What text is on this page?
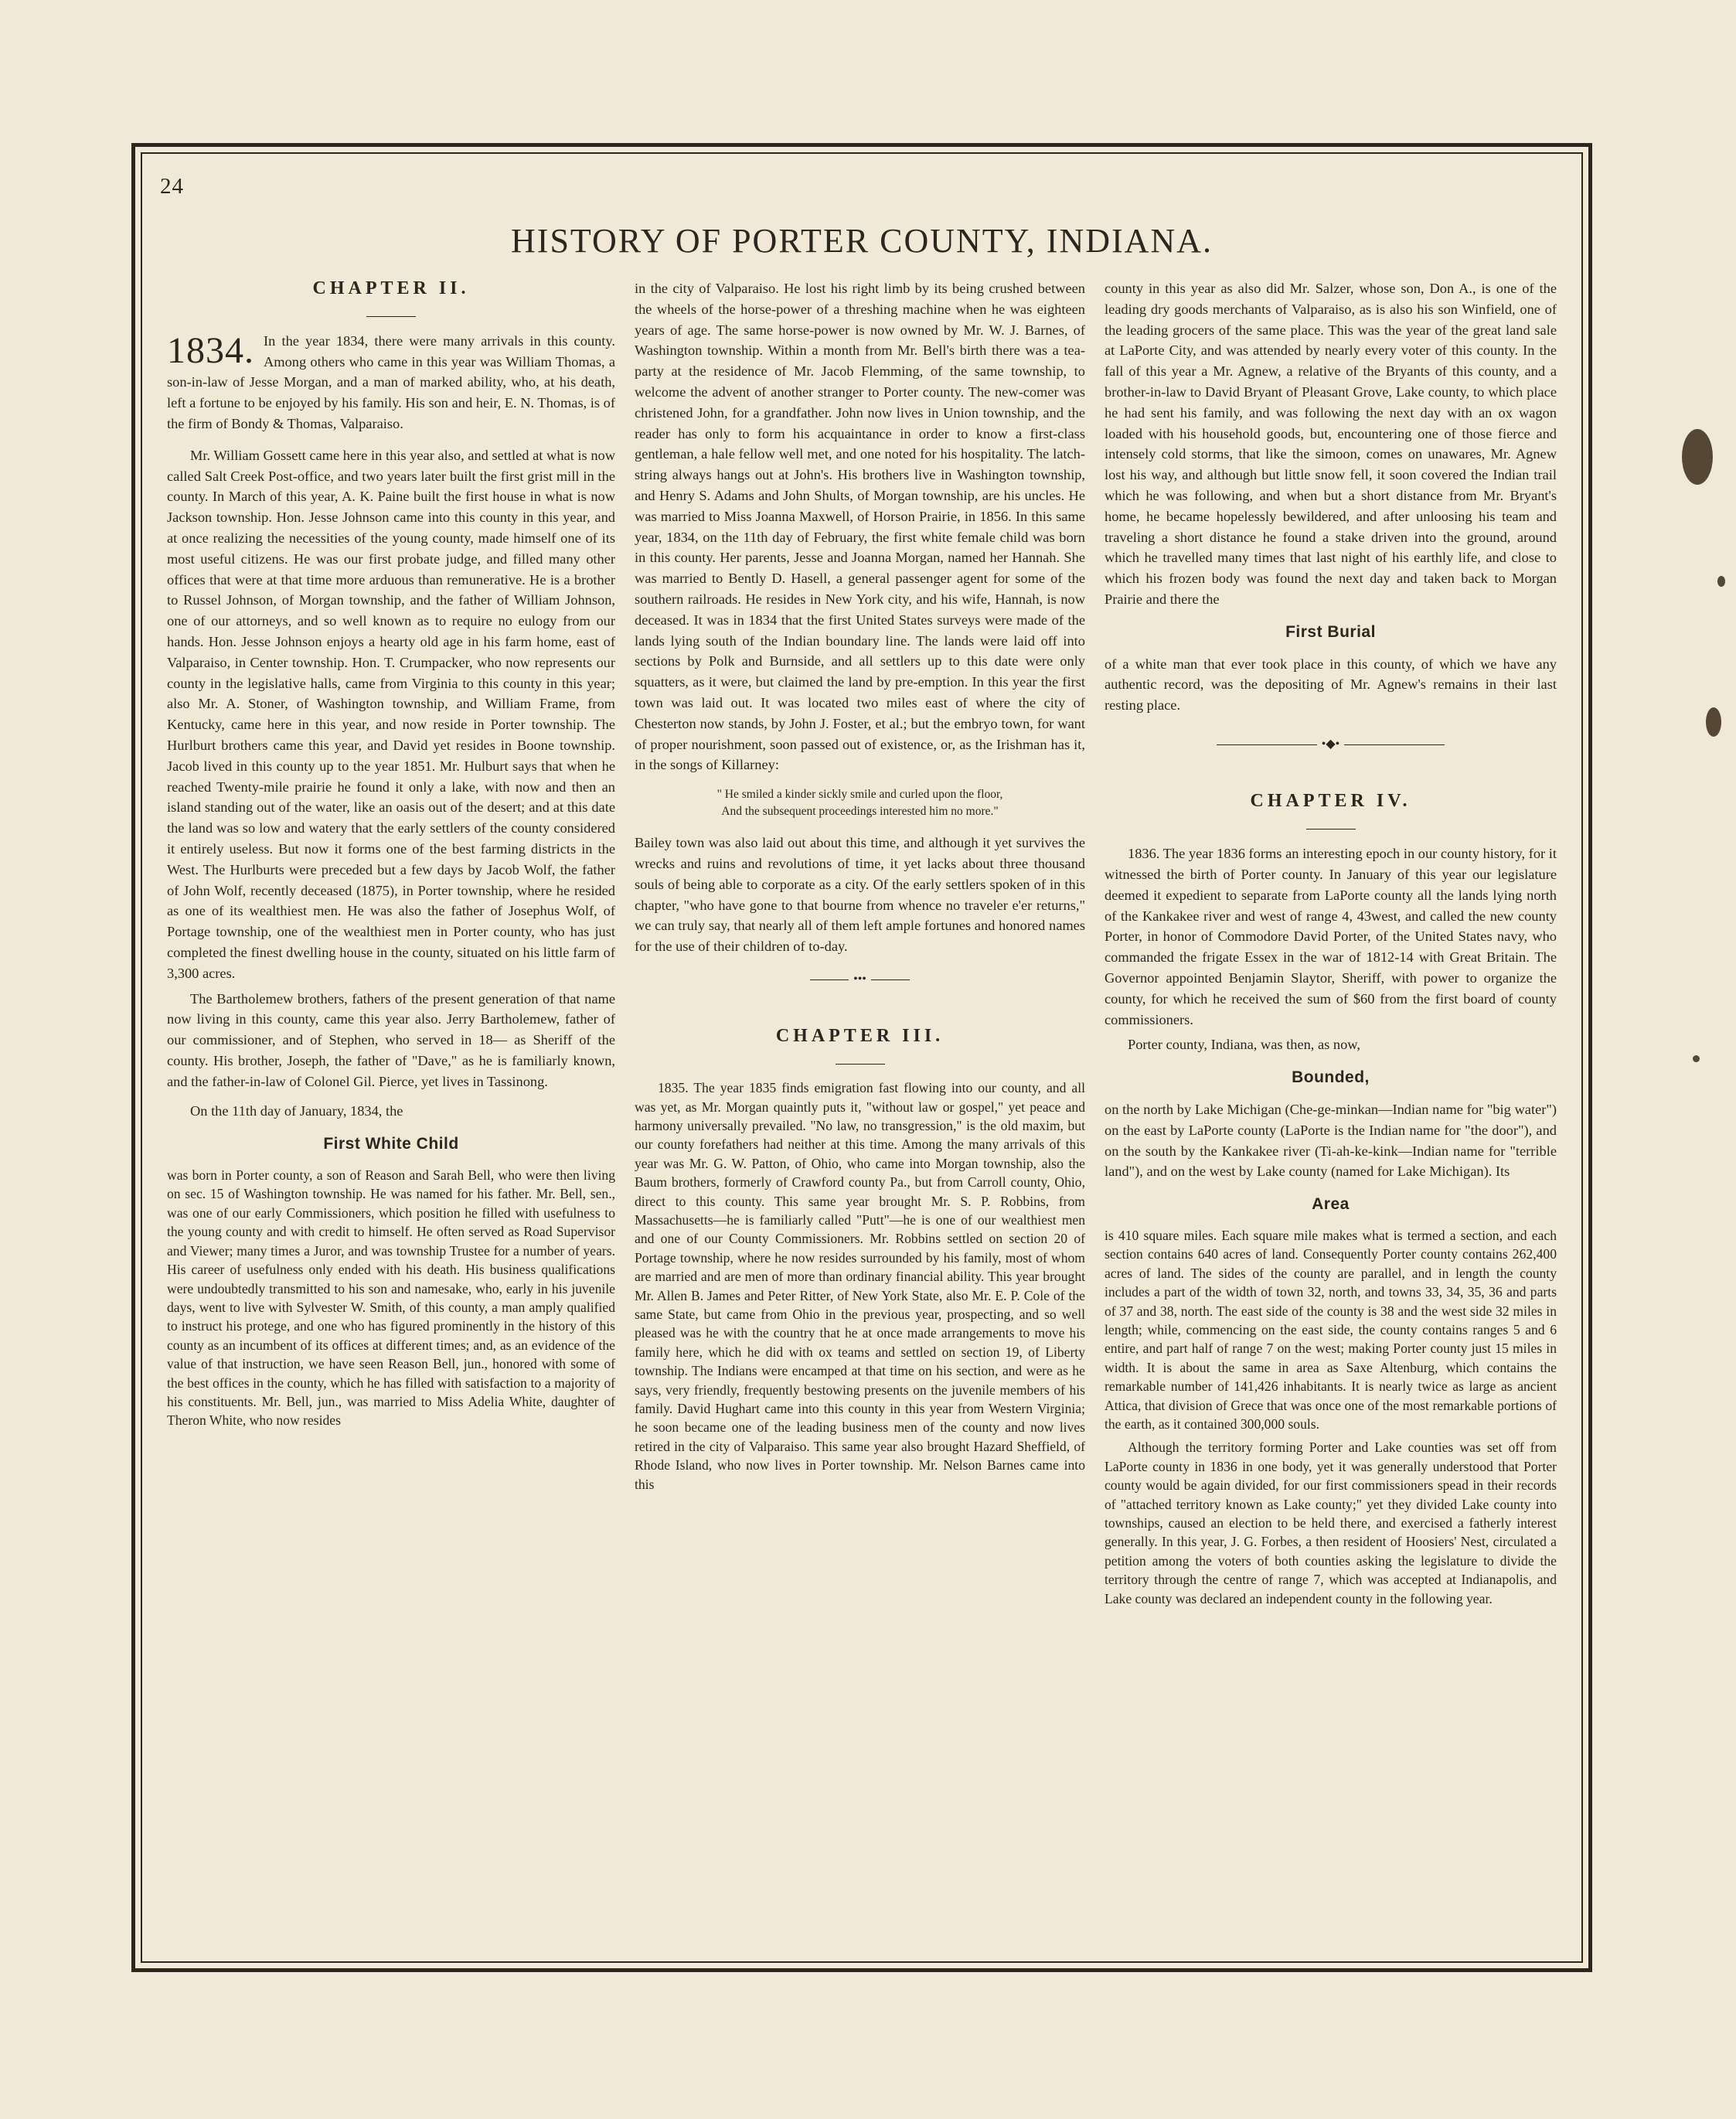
24
HISTORY OF PORTER COUNTY, INDIANA.
CHAPTER II.

1834. In the year 1834, there were many arrivals in this county. Among others who came in this year was William Thomas, a son-in-law of Jesse Morgan, and a man of marked ability, who, at his death, left a fortune to be enjoyed by his family. His son and heir, E. N. Thomas, is of the firm of Bondy & Thomas, Valparaiso.

Mr. William Gossett came here in this year also, and settled at what is now called Salt Creek Post-office, and two years later built the first grist mill in the county. In March of this year, A. K. Paine built the first house in what is now Jackson township. Hon. Jesse Johnson came into this county in this year, and at once realizing the necessities of the young county, made himself one of its most useful citizens. He was our first probate judge, and filled many other offices that were at that time more arduous than remunerative. He is a brother to Russel Johnson, of Morgan township, and the father of William Johnson, one of our attorneys, and so well known as to require no eulogy from our hands. Hon. Jesse Johnson enjoys a hearty old age in his farm home, east of Valparaiso, in Center township. Hon. T. Crumpacker, who now represents our county in the legislative halls, came from Virginia to this county in this year; also Mr. A. Stoner, of Washington township, and William Frame, from Kentucky, came here in this year, and now reside in Porter township. The Hurlburt brothers came this year, and David yet resides in Boone township. Jacob lived in this county up to the year 1851. Mr. Hulburt says that when he reached Twenty-mile prairie he found it only a lake, with now and then an island standing out of the water, like an oasis out of the desert; and at this date the land was so low and watery that the early settlers of the county considered it entirely useless. But now it forms one of the best farming districts in the West. The Hurlburts were preceded but a few days by Jacob Wolf, the father of John Wolf, recently deceased (1875), in Porter township, where he resided as one of its wealthiest men. He was also the father of Josephus Wolf, of Portage township, one of the wealthiest men in Porter county, who has just completed the finest dwelling house in the county, situated on his little farm of 3,300 acres.

The Bartholemew brothers, fathers of the present generation of that name now living in this county, came this year also. Jerry Bartholemew, father of our commissioner, and of Stephen, who served in 18— as Sheriff of the county. His brother, Joseph, the father of "Dave," as he is familiarly known, and the father-in-law of Colonel Gil. Pierce, yet lives in Tassinong.

On the 11th day of January, 1834, the

First White Child

was born in Porter county, a son of Reason and Sarah Bell, who were then living on sec. 15 of Washington township. He was named for his father. Mr. Bell, sen., was one of our early Commissioners, which position he filled with usefulness to the young county and with credit to himself. He often served as Road Supervisor and Viewer; many times a Juror, and was township Trustee for a number of years. His career of usefulness only ended with his death. His business qualifications were undoubtedly transmitted to his son and namesake, who, early in his juvenile days, went to live with Sylvester W. Smith, of this county, a man amply qualified to instruct his protege, and one who has figured prominently in the history of this county as an incumbent of its offices at different times; and, as an evidence of the value of that instruction, we have seen Reason Bell, jun., honored with some of the best offices in the county, which he has filled with satisfaction to a majority of his constituents. Mr. Bell, jun., was married to Miss Adelia White, daughter of Theron White, who now resides

in the city of Valparaiso. He lost his right limb by its being crushed between the wheels of the horse-power of a threshing machine when he was eighteen years of age. The same horse-power is now owned by Mr. W. J. Barnes, of Washington township. Within a month from Mr. Bell's birth there was a tea-party at the residence of Mr. Jacob Flemming, of the same township, to welcome the advent of another stranger to Porter county. The new-comer was christened John, for a grandfather. John now lives in Union township, and the reader has only to form his acquaintance in order to know a first-class gentleman, a hale fellow well met, and one noted for his hospitality. The latch-string always hangs out at John's. His brothers live in Washington township, and Henry S. Adams and John Shults, of Morgan township, are his uncles. He was married to Miss Joanna Maxwell, of Horson Prairie, in 1856. In this same year, 1834, on the 11th day of February, the first white female child was born in this county. Her parents, Jesse and Joanna Morgan, named her Hannah. She was married to Bently D. Hasell, a general passenger agent for some of the southern railroads. He resides in New York city, and his wife, Hannah, is now deceased. It was in 1834 that the first United States surveys were made of the lands lying south of the Indian boundary line. The lands were laid off into sections by Polk and Burnside, and all settlers up to this date were only squatters, as it were, but claimed the land by pre-emption. In this year the first town was laid out. It was located two miles east of where the city of Chesterton now stands, by John J. Foster, et al.; but the embryo town, for want of proper nourishment, soon passed out of existence, or, as the Irishman has it, in the songs of Killarney:

" He smiled a kinder sickly smile and curled upon the floor,
And the subsequent proceedings interested him no more."

Bailey town was also laid out about this time, and although it yet survives the wrecks and ruins and revolutions of time, it yet lacks about three thousand souls of being able to corporate as a city. Of the early settlers spoken of in this chapter, "who have gone to that bourne from whence no traveler e'er returns," we can truly say, that nearly all of them left ample fortunes and honored names for the use of their children of to-day.

•••
CHAPTER III.

1835. The year 1835 finds emigration fast flowing into our county, and all was yet, as Mr. Morgan quaintly puts it, "without law or gospel," yet peace and harmony universally prevailed. "No law, no transgression," is the old maxim, but our county forefathers had neither at this time. Among the many arrivals of this year was Mr. G. W. Patton, of Ohio, who came into Morgan township, also the Baum brothers, formerly of Crawford county Pa., but from Carroll county, Ohio, direct to this county. This same year brought Mr. S. P. Robbins, from Massachusetts—he is familiarly called "Putt"—he is one of our wealthiest men and one of our County Commissioners. Mr. Robbins settled on section 20 of Portage township, where he now resides surrounded by his family, most of whom are married and are men of more than ordinary financial ability. This year brought Mr. Allen B. James and Peter Ritter, of New York State, also Mr. E. P. Cole of the same State, but came from Ohio in the previous year, prospecting, and so well pleased was he with the country that he at once made arrangements to move his family here, which he did with ox teams and settled on section 19, of Liberty township. The Indians were encamped at that time on his section, and were as he says, very friendly, frequently bestowing presents on the juvenile members of his family. David Hughart came into this county in this year from Western Virginia; he soon became one of the leading business men of the county and now lives retired in the city of Valparaiso. This same year also brought Hazard Sheffield, of Rhode Island, who now lives in Porter township. Mr. Nelson Barnes came into this

county in this year as also did Mr. Salzer, whose son, Don A., is one of the leading dry goods merchants of Valparaiso, as is also his son Winfield, one of the leading grocers of the same place. This was the year of the great land sale at LaPorte City, and was attended by nearly every voter of this county. In the fall of this year a Mr. Agnew, a relative of the Bryants of this county, and a brother-in-law to David Bryant of Pleasant Grove, Lake county, to which place he had sent his family, and was following the next day with an ox wagon loaded with his household goods, but, encountering one of those fierce and intensely cold storms, that like the simoon, comes on unawares, Mr. Agnew lost his way, and although but little snow fell, it soon covered the Indian trail which he was following, and when but a short distance from Mr. Bryant's home, he became hopelessly bewildered, and after unloosing his team and traveling a short distance he found a stake driven into the ground, around which he travelled many times that last night of his earthly life, and close to which his frozen body was found the next day and taken back to Morgan Prairie and there the

First Burial

of a white man that ever took place in this county, of which we have any authentic record, was the depositing of Mr. Agnew's remains in their last resting place.

•◆•
CHAPTER IV.

1836. The year 1836 forms an interesting epoch in our county history, for it witnessed the birth of Porter county. In January of this year our legislature deemed it expedient to separate from LaPorte county all the lands lying north of the Kankakee river and west of range 4, 43west, and called the new county Porter, in honor of Commodore David Porter, of the United States navy, who commanded the frigate Essex in the war of 1812-14 with Great Britain. The Governor appointed Benjamin Slaytor, Sheriff, with power to organize the county, for which he received the sum of $60 from the first board of county commissioners.

Porter county, Indiana, was then, as now,

Bounded,

on the north by Lake Michigan (Che-ge-minkan—Indian name for "big water") on the east by LaPorte county (LaPorte is the Indian name for "the door"), and on the south by the Kankakee river (Ti-ah-ke-kink—Indian name for "terrible land"), and on the west by Lake county (named for Lake Michigan). Its

Area

is 410 square miles. Each square mile makes what is termed a section, and each section contains 640 acres of land. Consequently Porter county contains 262,400 acres of land. The sides of the county are parallel, and in length the county includes a part of the width of town 32, north, and towns 33, 34, 35, 36 and parts of 37 and 38, north. The east side of the county is 38 and the west side 32 miles in length; while, commencing on the east side, the county contains ranges 5 and 6 entire, and part half of range 7 on the west; making Porter county just 15 miles in width. It is about the same in area as Saxe Altenburg, which contains the remarkable number of 141,426 inhabitants. It is nearly twice as large as ancient Attica, that division of Grece that was once one of the most remarkable portions of the earth, as it contained 300,000 souls.

Although the territory forming Porter and Lake counties was set off from LaPorte county in 1836 in one body, yet it was generally understood that Porter county would be again divided, for our first commissioners spead in their records of "attached territory known as Lake county;" yet they divided Lake county into townships, caused an election to be held there, and exercised a fatherly interest generally. In this year, J. G. Forbes, a then resident of Hoosiers' Nest, circulated a petition among the voters of both counties asking the legislature to divide the territory through the centre of range 7, which was accepted at Indianapolis, and Lake county was declared an independent county in the following year.
